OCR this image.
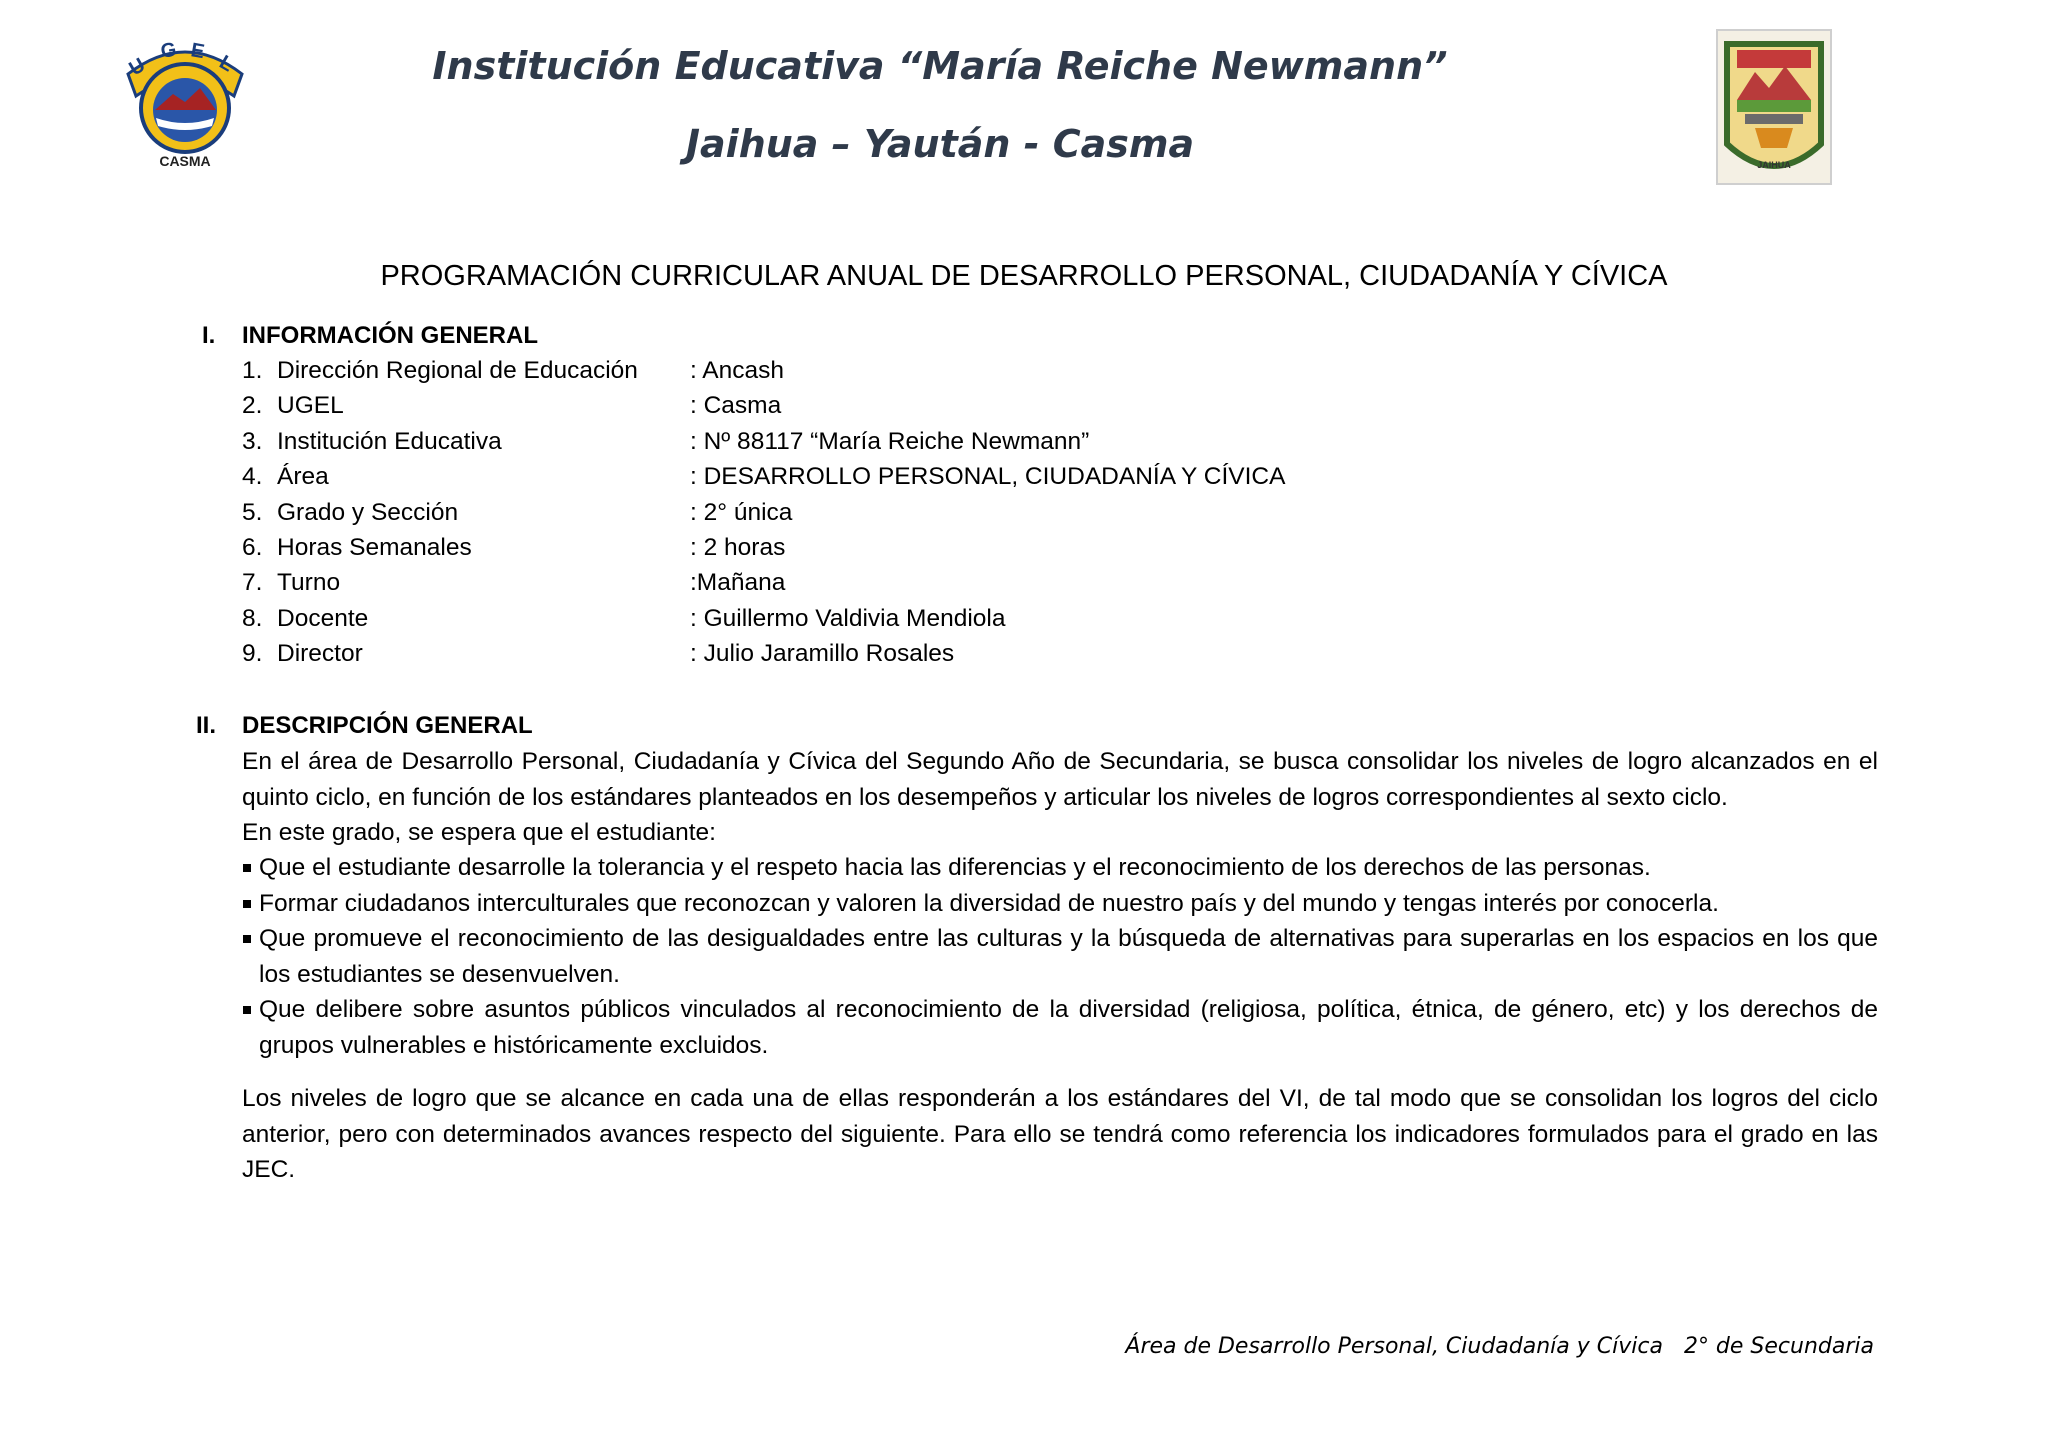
U
G E
L
CASMA	JAIHUA
Institución Educativa “María Reiche Newmann”
Jaihua – Yaután - Casma
PROGRAMACIÓN CURRICULAR ANUAL DE DESARROLLO PERSONAL, CIUDADANÍA Y CÍVICA
I. INFORMACIÓN GENERAL
1. Dirección Regional de Educación : Ancash
2. UGEL	: Casma
3. Institución Educativa	: Nº 88117 “María Reiche Newmann”
4. Área	: DESARROLLO PERSONAL, CIUDADANÍA Y CÍVICA
5. Grado y Sección	: 2° única
6. Horas Semanales	: 2 horas
7. Turno	:Mañana
8. Docente	: Guillermo Valdivia Mendiola
9. Director	: Julio Jaramillo Rosales
II. DESCRIPCIÓN GENERAL
En el área de Desarrollo Personal, Ciudadanía y Cívica del Segundo Año de Secundaria, se busca consolidar los niveles de logro alcanzados en el quinto ciclo, en función de los estándares planteados en los desempeños y articular los niveles de logros correspondientes al sexto ciclo.
En este grado, se espera que el estudiante:
Que el estudiante desarrolle la tolerancia y el respeto hacia las diferencias y el reconocimiento de los derechos de las personas.
Formar ciudadanos interculturales que reconozcan y valoren la diversidad de nuestro país y del mundo y tengas interés por conocerla.
Que promueve el reconocimiento de las desigualdades entre las culturas y la búsqueda de alternativas para superarlas en los espacios en los que los estudiantes se desenvuelven.
Que delibere sobre asuntos públicos vinculados al reconocimiento de la diversidad (religiosa, política, étnica, de género, etc) y los derechos de grupos vulnerables e históricamente excluidos.
Los niveles de logro que se alcance en cada una de ellas responderán a los estándares del VI, de tal modo que se consolidan los logros del ciclo anterior, pero con determinados avances respecto del siguiente. Para ello se tendrá como referencia los indicadores formulados para el grado en las JEC.
Área de Desarrollo Personal, Ciudadanía y Cívica   2° de Secundaria
